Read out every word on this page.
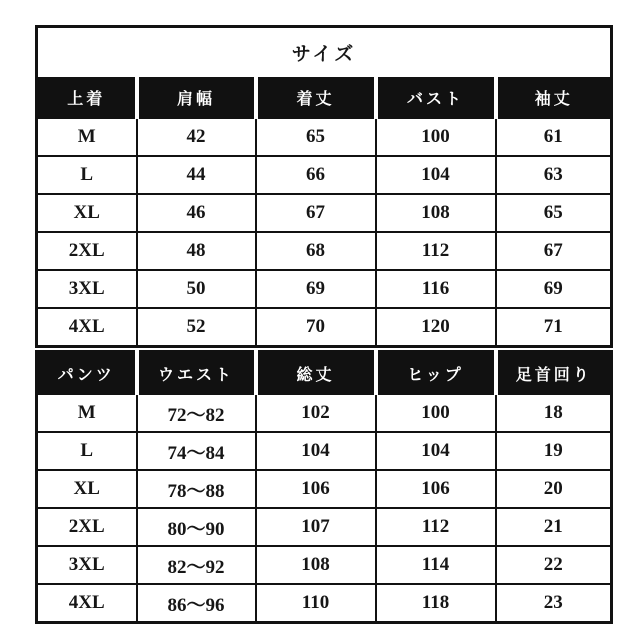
サイズ				
上着	肩幅	着丈	バスト	袖丈
M	42	65	100	61
L	44	66	104	63
XL	46	67	108	65
2XL	48	68	112	67
3XL	50	69	116	69
4XL	52	70	120	71
パンツ	ウエスト	総丈	ヒップ	足首回り
M	72〜82	102	100	18
L	74〜84	104	104	19
XL	78〜88	106	106	20
2XL	80〜90	107	112	21
3XL	82〜92	108	114	22
4XL	86〜96	110	118	23
